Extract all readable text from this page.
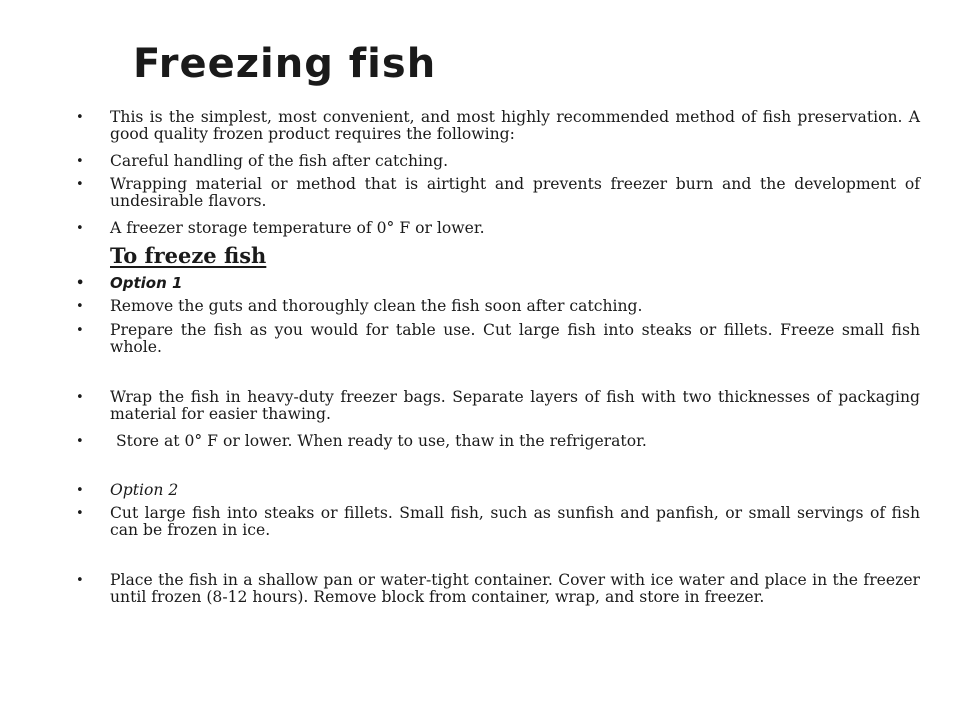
Freezing fish
• This is the simplest, most convenient, and most highly recommended method of fish preservation. A good quality frozen product requires the following:
• Careful handling of the fish after catching.
• Wrapping material or method that is airtight and prevents freezer burn and the development of undesirable flavors.
• A freezer storage temperature of 0° F or lower.
To freeze fish
• Option 1
• Remove the guts and thoroughly clean the fish soon after catching.
• Prepare the fish as you would for table use. Cut large fish into steaks or fillets. Freeze small fish whole.
• Wrap the fish in heavy-duty freezer bags. Separate layers of fish with two thicknesses of packaging material for easier thawing.
• Store at 0° F or lower. When ready to use, thaw in the refrigerator.
• Option 2
• Cut large fish into steaks or fillets. Small fish, such as sunfish and panfish, or small servings of fish can be frozen in ice.
• Place the fish in a shallow pan or water-tight container. Cover with ice water and place in the freezer until frozen (8-12 hours). Remove block from container, wrap, and store in freezer.
